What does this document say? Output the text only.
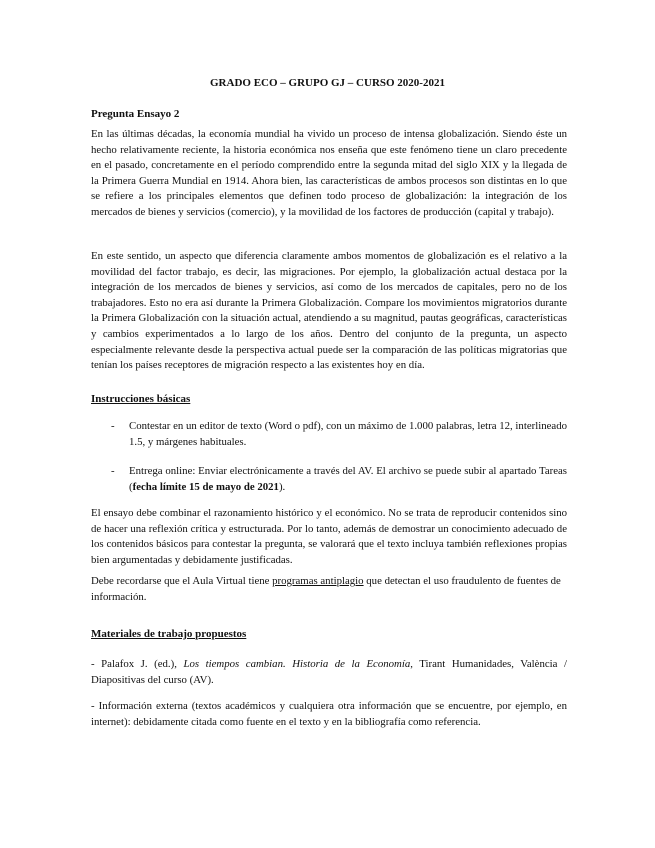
GRADO ECO – GRUPO GJ – CURSO 2020-2021
Pregunta Ensayo 2
En las últimas décadas, la economía mundial ha vivido un proceso de intensa globalización. Siendo éste un hecho relativamente reciente, la historia económica nos enseña que este fenómeno tiene un claro precedente en el pasado, concretamente en el período comprendido entre la segunda mitad del siglo XIX y la llegada de la Primera Guerra Mundial en 1914. Ahora bien, las características de ambos procesos son distintas en lo que se refiere a los principales elementos que definen todo proceso de globalización: la integración de los mercados de bienes y servicios (comercio), y la movilidad de los factores de producción (capital y trabajo).
En este sentido, un aspecto que diferencia claramente ambos momentos de globalización es el relativo a la movilidad del factor trabajo, es decir, las migraciones. Por ejemplo, la globalización actual destaca por la integración de los mercados de bienes y servicios, así como de los mercados de capitales, pero no de los trabajadores. Esto no era así durante la Primera Globalización. Compare los movimientos migratorios durante la Primera Globalización con la situación actual, atendiendo a su magnitud, pautas geográficas, características y cambios experimentados a lo largo de los años. Dentro del conjunto de la pregunta, un aspecto especialmente relevante desde la perspectiva actual puede ser la comparación de las políticas migratorias que tenían los países receptores de migración respecto a las existentes hoy en día.
Instrucciones básicas
- Contestar en un editor de texto (Word o pdf), con un máximo de 1.000 palabras, letra 12, interlineado 1.5, y márgenes habituales.
- Entrega online: Enviar electrónicamente a través del AV. El archivo se puede subir al apartado Tareas (fecha límite 15 de mayo de 2021).
El ensayo debe combinar el razonamiento histórico y el económico. No se trata de reproducir contenidos sino de hacer una reflexión crítica y estructurada. Por lo tanto, además de demostrar un conocimiento adecuado de los contenidos básicos para contestar la pregunta, se valorará que el texto incluya también reflexiones propias bien argumentadas y debidamente justificadas.
Debe recordarse que el Aula Virtual tiene programas antiplagio que detectan el uso fraudulento de fuentes de información.
Materiales de trabajo propuestos
- Palafox J. (ed.), Los tiempos cambian. Historia de la Economía, Tirant Humanidades, València / Diapositivas del curso (AV).
- Información externa (textos académicos y cualquiera otra información que se encuentre, por ejemplo, en internet): debidamente citada como fuente en el texto y en la bibliografía como referencia.
